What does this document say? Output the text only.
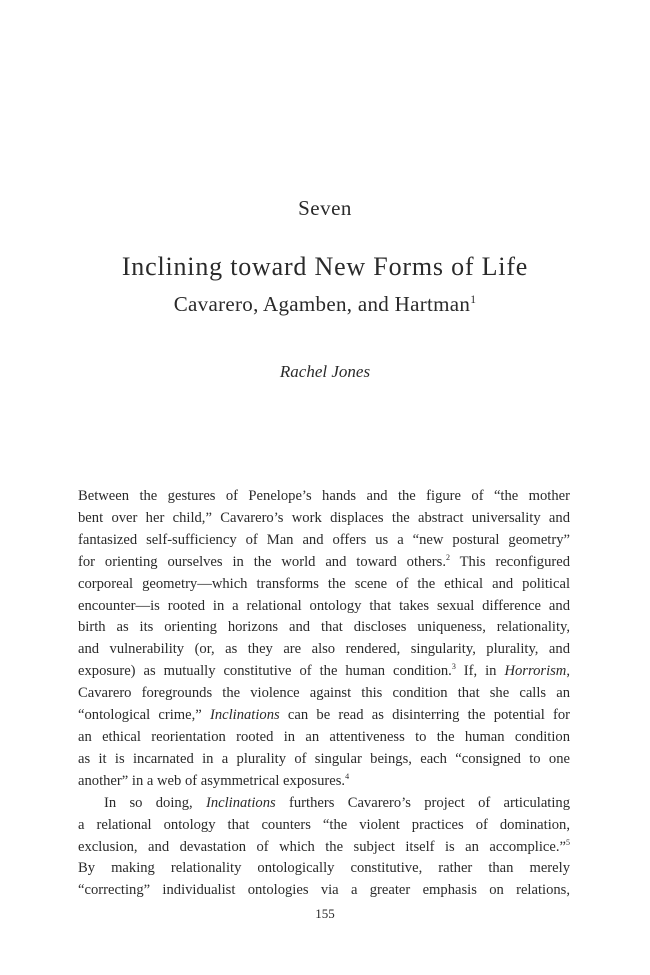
Seven
Inclining toward New Forms of Life
Cavarero, Agamben, and Hartman$^1$
Rachel Jones
Between the gestures of Penelope’s hands and the figure of “the mother
bent over her child,” Cavarero’s work displaces the abstract universality and
fantasized self-sufficiency of Man and offers us a “new postural geometry”
for orienting ourselves in the world and toward others.$^2$ This reconfigured
corporeal geometry—which transforms the scene of the ethical and political
encounter—is rooted in a relational ontology that takes sexual difference and
birth as its orienting horizons and that discloses uniqueness, relationality,
and vulnerability (or, as they are also rendered, singularity, plurality, and
exposure) as mutually constitutive of the human condition.$^3$ If, in Horrorism,
Cavarero foregrounds the violence against this condition that she calls an
“ontological crime,” Inclinations can be read as disinterring the potential for
an ethical reorientation rooted in an attentiveness to the human condition
as it is incarnated in a plurality of singular beings, each “consigned to one
another” in a web of asymmetrical exposures.$^4$
In so doing, Inclinations furthers Cavarero’s project of articulating
a relational ontology that counters “the violent practices of domination,
exclusion, and devastation of which the subject itself is an accomplice.”$^5$
By making relationality ontologically constitutive, rather than merely
“correcting” individualist ontologies via a greater emphasis on relations,
155
